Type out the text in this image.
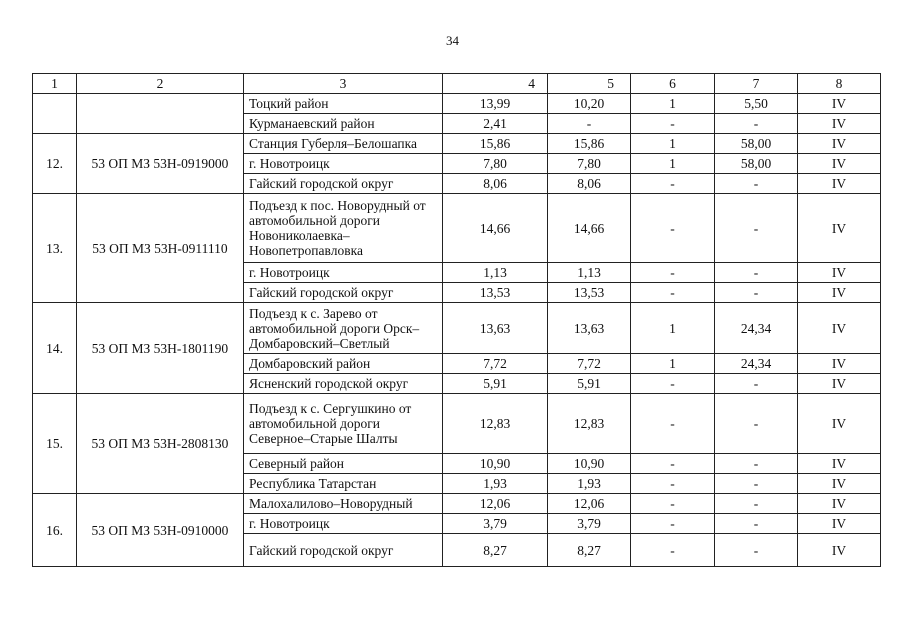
34
1	2	3	4	5	6	7	8
		Тоцкий район	13,99	10,20	1	5,50	IV
		Курманаевский район	2,41	-	-	-	IV
12.	53 ОП МЗ 53Н-0919000	Станция Губерля–Белошапка	15,86	15,86	1	58,00	IV
		г. Новотроицк	7,80	7,80	1	58,00	IV
		Гайский городской округ	8,06	8,06	-	-	IV
13.	53 ОП МЗ 53Н-0911110	Подъезд к пос. Новорудный от автомобильной дороги Новониколаевка–Новопетропавловка	14,66	14,66	-	-	IV
		г. Новотроицк	1,13	1,13	-	-	IV
		Гайский городской округ	13,53	13,53	-	-	IV
14.	53 ОП МЗ 53Н-1801190	Подъезд к с. Зарево от автомобильной дороги Орск–Домбаровский–Светлый	13,63	13,63	1	24,34	IV
		Домбаровский район	7,72	7,72	1	24,34	IV
		Ясненский городской округ	5,91	5,91	-	-	IV
15.	53 ОП МЗ 53Н-2808130	Подъезд к с. Сергушкино от автомобильной дороги Северное–Старые Шалты	12,83	12,83	-	-	IV
		Северный район	10,90	10,90	-	-	IV
		Республика Татарстан	1,93	1,93	-	-	IV
16.	53 ОП МЗ 53Н-0910000	Малохалилово–Новорудный	12,06	12,06	-	-	IV
		г. Новотроицк	3,79	3,79	-	-	IV
		Гайский городской округ	8,27	8,27	-	-	IV
